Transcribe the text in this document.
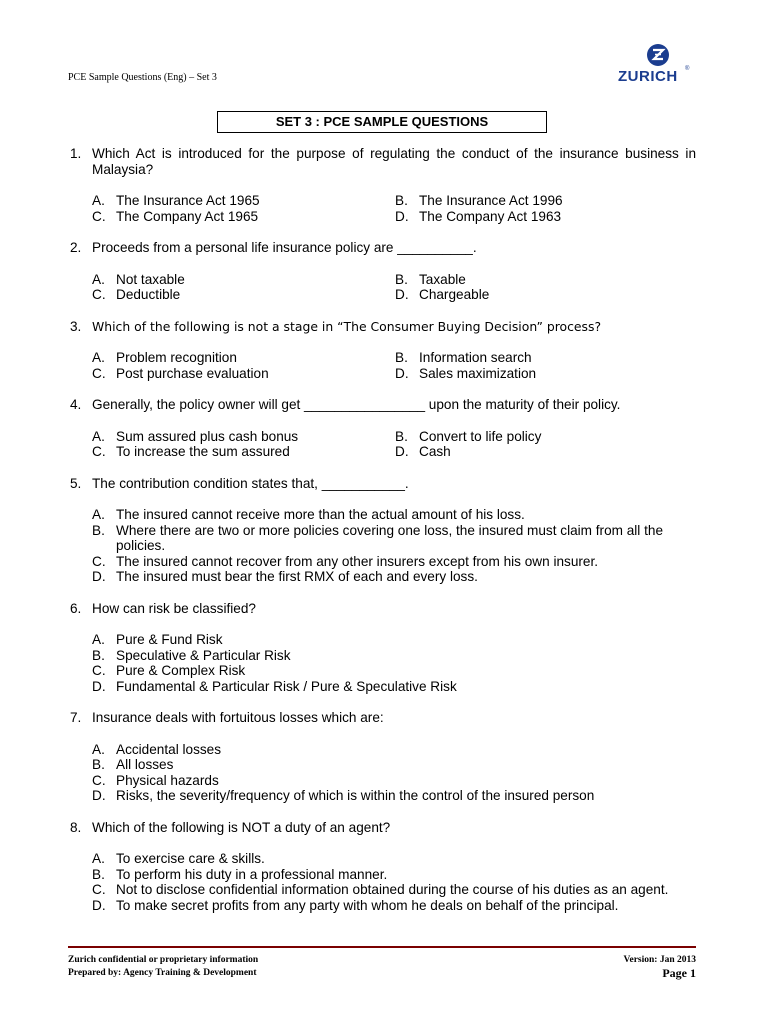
PCE Sample Questions (Eng) – Set 3	ZURICH ®
SET 3 : PCE SAMPLE QUESTIONS
1. Which Act is introduced for the purpose of regulating the conduct of the insurance business in Malaysia?
A. The Insurance Act 1965	B. The Insurance Act 1996
C. The Company Act 1965	D. The Company Act 1963
2. Proceeds from a personal life insurance policy are __________.
A. Not taxable	B. Taxable
C. Deductible	D. Chargeable
3. Which of the following is not a stage in “The Consumer Buying Decision” process?
A. Problem recognition	B. Information search
C. Post purchase evaluation	D. Sales maximization
4. Generally, the policy owner will get ________________ upon the maturity of their policy.
A. Sum assured plus cash bonus	B. Convert to life policy
C. To increase the sum assured	D. Cash
5. The contribution condition states that, ___________.
A. The insured cannot receive more than the actual amount of his loss.
B. Where there are two or more policies covering one loss, the insured must claim from all the policies.
C. The insured cannot recover from any other insurers except from his own insurer.
D. The insured must bear the first RMX of each and every loss.
6. How can risk be classified?
A. Pure & Fund Risk
B. Speculative & Particular Risk
C. Pure & Complex Risk
D. Fundamental & Particular Risk / Pure & Speculative Risk
7. Insurance deals with fortuitous losses which are:
A. Accidental losses
B. All losses
C. Physical hazards
D. Risks, the severity/frequency of which is within the control of the insured person
8. Which of the following is NOT a duty of an agent?
A. To exercise care & skills.
B. To perform his duty in a professional manner.
C. Not to disclose confidential information obtained during the course of his duties as an agent.
D. To make secret profits from any party with whom he deals on behalf of the principal.
Zurich confidential or proprietary information
Prepared by: Agency Training & Development
Version: Jan 2013
Page 1
